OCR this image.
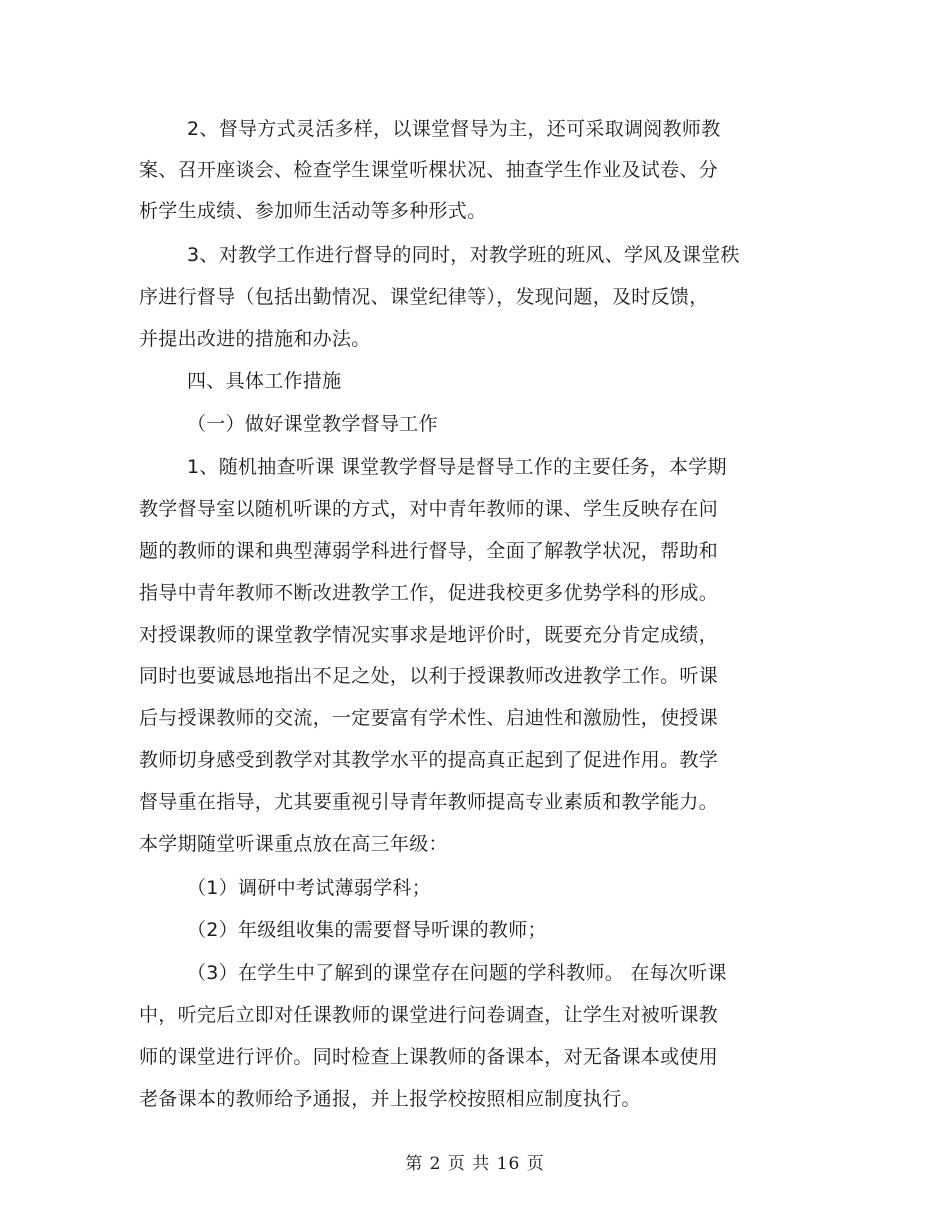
2、督导方式灵活多样，以课堂督导为主，还可采取调阅教师教
案、召开座谈会、检查学生课堂听棵状况、抽查学生作业及试卷、分
析学生成绩、参加师生活动等多种形式。
3、对教学工作进行督导的同时，对教学班的班风、学风及课堂秩
序进行督导（包括出勤情况、课堂纪律等），发现问题，及时反馈，
并提出改进的措施和办法。
四、具体工作措施
（一）做好课堂教学督导工作
1、随机抽查听课 课堂教学督导是督导工作的主要任务，本学期
教学督导室以随机听课的方式，对中青年教师的课、学生反映存在问
题的教师的课和典型薄弱学科进行督导，全面了解教学状况，帮助和
指导中青年教师不断改进教学工作，促进我校更多优势学科的形成。
对授课教师的课堂教学情况实事求是地评价时，既要充分肯定成绩，
同时也要诚恳地指出不足之处，以利于授课教师改进教学工作。听课
后与授课教师的交流，一定要富有学术性、启迪性和激励性，使授课
教师切身感受到教学对其教学水平的提高真正起到了促进作用。教学
督导重在指导，尤其要重视引导青年教师提高专业素质和教学能力。
本学期随堂听课重点放在高三年级：
（1）调研中考试薄弱学科；
（2）年级组收集的需要督导听课的教师；
（3）在学生中了解到的课堂存在问题的学科教师。 在每次听课
中，听完后立即对任课教师的课堂进行问卷调查，让学生对被听课教
师的课堂进行评价。同时检查上课教师的备课本，对无备课本或使用
老备课本的教师给予通报，并上报学校按照相应制度执行。
第 2 页 共 16 页
